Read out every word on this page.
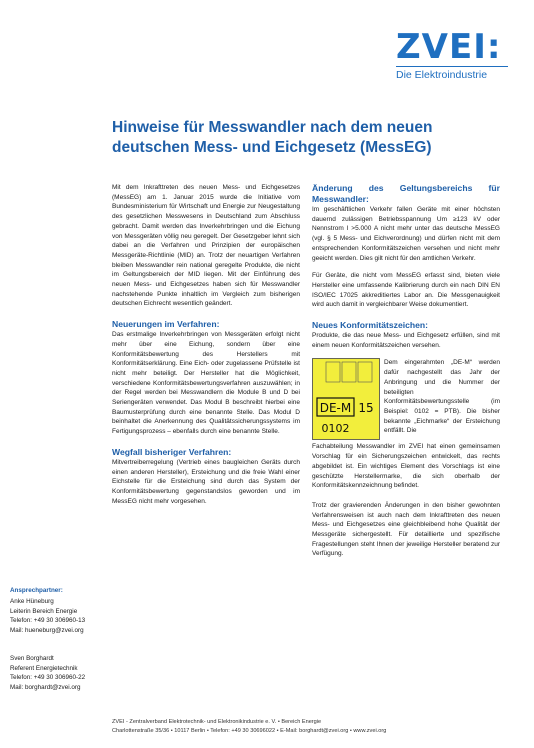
ZVEI:
Die Elektroindustrie
Hinweise für Messwandler nach dem neuen deutschen Mess- und Eichgesetz (MessEG)

Mit dem Inkrafttreten des neuen Mess- und Eichgesetzes (MessEG) am 1. Januar 2015 wurde die Initiative vom Bundesministerium für Wirtschaft und Energie zur Neugestaltung des gesetzlichen Messwesens in Deutschland zum Abschluss gebracht. Damit werden das Inverkehrbringen und die Eichung von Messgeräten völlig neu geregelt. Der Gesetzgeber lehnt sich dabei an die Verfahren und Prinzipien der europäischen Messgeräte-Richtlinie (MID) an. Trotz der neuartigen Verfahren bleiben Messwandler rein national geregelte Produkte, die nicht im Geltungsbereich der MID liegen. Mit der Einführung des neuen Mess- und Eichgesetzes haben sich für Messwandler nachstehende Punkte inhaltlich im Vergleich zum bisherigen deutschen Eichrecht wesentlich geändert.

Neuerungen im Verfahren:

Das erstmalige Inverkehrbringen von Messgeräten erfolgt nicht mehr über eine Eichung, sondern über eine Konformitätsbewertung des Herstellers mit Konformitätserklärung. Eine Eich- oder zugelassene Prüfstelle ist nicht mehr beteiligt. Der Hersteller hat die Möglichkeit, verschiedene Konformitätsbewertungsverfahren auszuwählen; in der Regel werden bei Messwandlern die Module B und D bei Seriengeräten verwendet. Das Modul B beschreibt hierbei eine Baumusterprüfung durch eine benannte Stelle. Das Modul D beinhaltet die Anerkennung des Qualitätssicherungssystems im Fertigungsprozess – ebenfalls durch eine benannte Stelle.

Wegfall bisheriger Verfahren:

Mitvertreiberregelung (Vertrieb eines baugleichen Geräts durch einen anderen Hersteller), Ersteichung und die freie Wahl einer Eichstelle für die Ersteichung sind durch das System der Konformitätsbewertung gegenstandslos geworden und im MessEG nicht mehr vorgesehen.

Änderung des Geltungsbereichs für Messwandler:

Im geschäftlichen Verkehr fallen Geräte mit einer höchsten dauernd zulässigen Betriebsspannung Um ≥123 kV oder Nennstrom I >5.000 A nicht mehr unter das deutsche MessEG (vgl. § 5 Mess- und Eichverordnung) und dürfen nicht mit dem entsprechenden Konformitätszeichen versehen und nicht mehr geeicht werden. Dies gilt nicht für den amtlichen Verkehr.

Für Geräte, die nicht vom MessEG erfasst sind, bieten viele Hersteller eine umfassende Kalibrierung durch ein nach DIN EN ISO/IEC 17025 akkreditiertes Labor an. Die Messgenauigkeit wird auch damit in vergleichbarer Weise dokumentiert.

Neues Konformitätszeichen:

Produkte, die das neue Mess- und Eichgesetz erfüllen, sind mit einem neuen Konformitätszeichen versehen.

DE-M 15
0102

Dem eingerahmten „DE-M“ werden dafür nachgestellt das Jahr der Anbringung und die Nummer der beteiligten Konformitätsbewertungsstelle (im Beispiel: 0102 = PTB). Die bisher bekannte „Eichmarke“ der Ersteichung entfällt. Die

Fachabteilung Messwandler im ZVEI hat einen gemeinsamen Vorschlag für ein Sicherungszeichen entwickelt, das rechts abgebildet ist. Ein wichtiges Element des Vorschlags ist eine geschützte Herstellermarke, die sich oberhalb der Konformitätskennzeichnung befindet.

Trotz der gravierenden Änderungen in den bisher gewohnten Verfahrensweisen ist auch nach dem Inkrafttreten des neuen Mess- und Eichgesetzes eine gleichbleibend hohe Qualität der Messgeräte sichergestellt. Für detaillierte und spezifische Fragestellungen steht Ihnen der jeweilige Hersteller beratend zur Verfügung.

Ansprechpartner:

Anke Hüneburg

Leiterin Bereich Energie

Telefon: +49 30 306960-13

Mail: hueneburg@zvei.org

Sven Borghardt

Referent Energietechnik

Telefon: +49 30 306960-22

Mail: borghardt@zvei.org

ZVEI - Zentralverband Elektrotechnik- und Elektronikindustrie e. V. • Bereich Energie

Charlottenstraße 35/36 • 10117 Berlin • Telefon: +49 30 30696022 • E-Mail: borghardt@zvei.org • www.zvei.org
